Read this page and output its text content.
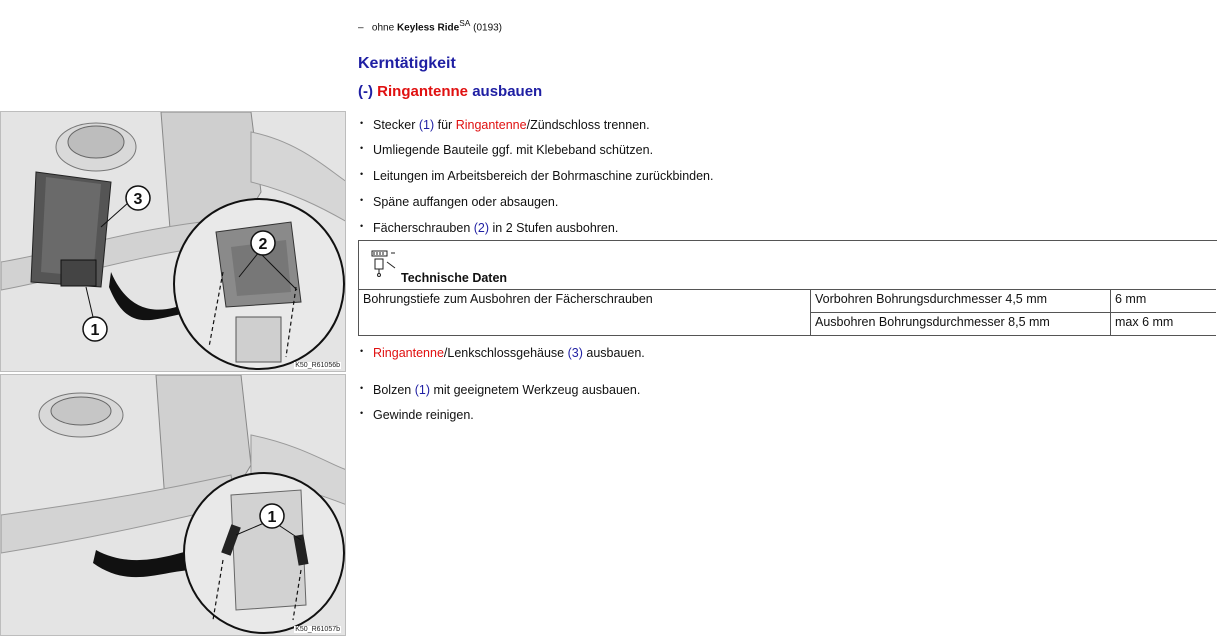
3
2
1
K50_R61056b
1
K50_R61057b
– ohne Keyless Ride$^{SA}$ (0193)
Kerntätigkeit
(-) Ringantenne ausbauen
• Stecker (1) für Ringantenne/Zündschloss trennen.
• Umliegende Bauteile ggf. mit Klebeband schützen.
• Leitungen im Arbeitsbereich der Bohrmaschine zurückbinden.
• Späne auffangen oder absaugen.
• Fächerschrauben (2) in 2 Stufen ausbohren.
Technische Daten
Bohrungstiefe zum Ausbohren der Fächerschrauben	Vorbohren Bohrungsdurchmesser 4,5 mm	6 mm
	Ausbohren Bohrungsdurchmesser 8,5 mm	max 6 mm
• Ringantenne/Lenkschlossgehäuse (3) ausbauen.
• Bolzen (1) mit geeignetem Werkzeug ausbauen.
• Gewinde reinigen.
